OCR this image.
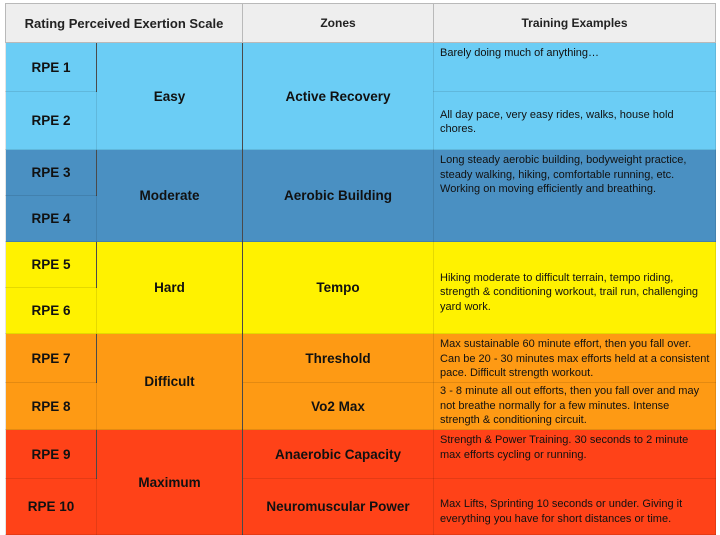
Rating Perceived Exertion Scale		Zones	Training Examples
RPE 1	Easy	Active Recovery	Barely doing much of anything…
RPE 2			All day pace, very easy rides, walks, house hold chores.
RPE 3	Moderate	Aerobic Building	Long steady aerobic building, bodyweight practice, steady walking, hiking, comfortable running, etc. Working on moving efficiently and breathing.
RPE 4			
RPE 5	Hard	Tempo	Hiking moderate to difficult terrain, tempo riding, strength & conditioning workout, trail run, challenging yard work.
RPE 6			
RPE 7	Difficult	Threshold	Max sustainable 60 minute effort, then you fall over. Can be 20 - 30 minutes max efforts held at a consistent pace. Difficult strength workout.
RPE 8		Vo2 Max	3 - 8 minute all out efforts, then you fall over and may not breathe normally for a few minutes. Intense strength & conditioning circuit.
RPE 9	Maximum	Anaerobic Capacity	Strength & Power Training. 30 seconds to 2 minute max efforts cycling or running.
RPE 10		Neuromuscular Power	Max Lifts, Sprinting 10 seconds or under. Giving it everything you have for short distances or time.
